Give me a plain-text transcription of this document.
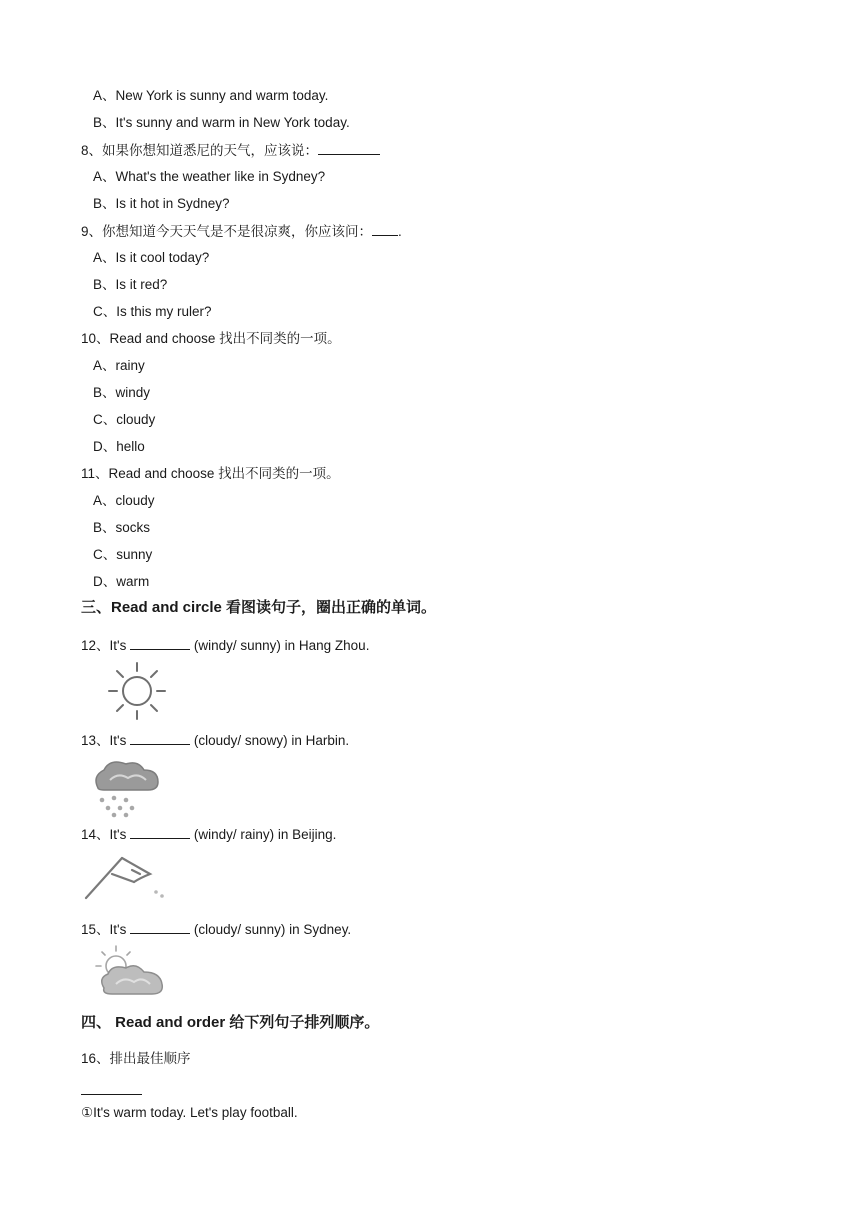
A、New York is sunny and warm today.
B、It's sunny and warm in New York today.
8、如果你想知道悉尼的天气，应该说：
A、What's the weather like in Sydney?
B、Is it hot in Sydney?
9、你想知道今天天气是不是很凉爽，你应该问： .
A、Is it cool today?
B、Is it red?
C、Is this my ruler?
10、Read and choose 找出不同类的一项。
A、rainy
B、windy
C、cloudy
D、hello
11、Read and choose 找出不同类的一项。
A、cloudy
B、socks
C、sunny
D、warm
三、Read and circle 看图读句子，圈出正确的单词。
12、It's	(windy/ sunny) in Hang Zhou.
13、It's	(cloudy/ snowy) in Harbin.
14、It's	(windy/ rainy) in Beijing.
15、It's	(cloudy/ sunny) in Sydney.
四、 Read and order 给下列句子排列顺序。
16、排出最佳顺序
①It's warm today. Let's play football.
